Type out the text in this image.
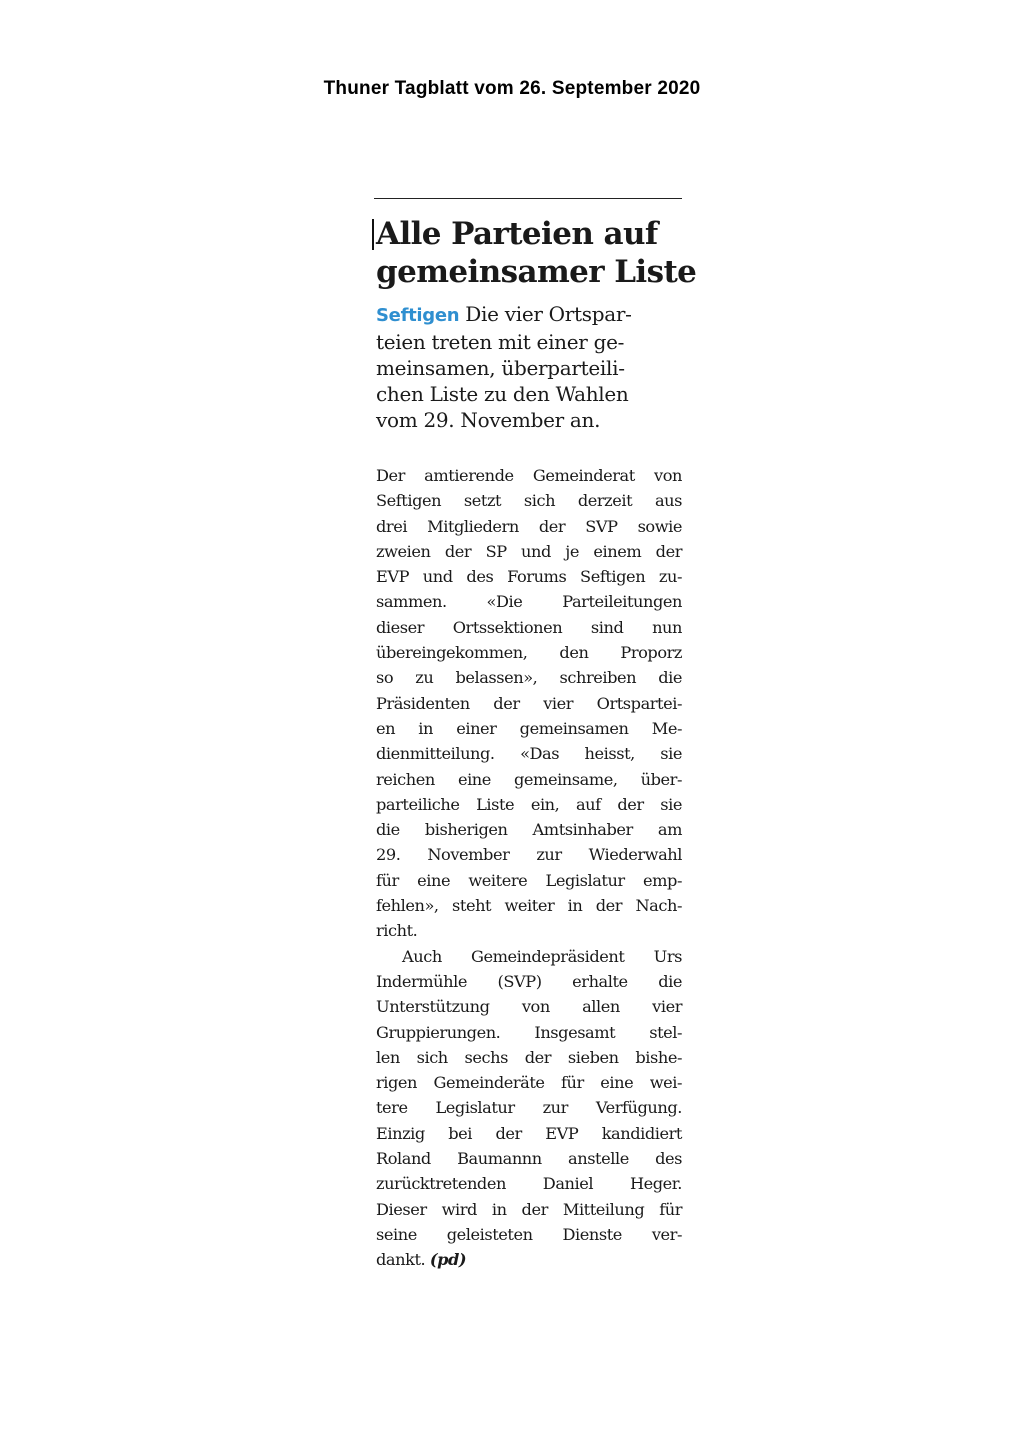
Thuner Tagblatt vom 26. September 2020
Alle Parteien auf
gemeinsamer Liste
Seftigen Die vier Ortspar-
teien treten mit einer ge-
meinsamen, überparteili-
chen Liste zu den Wahlen
vom 29. November an.
Der amtierende Gemeinderat von
Seftigen setzt sich derzeit aus
drei Mitgliedern der SVP sowie
zweien der SP und je einem der
EVP und des Forums Seftigen zu-
sammen. «Die Parteileitungen
dieser Ortssektionen sind nun
übereingekommen, den Proporz
so zu belassen», schreiben die
Präsidenten der vier Ortspartei-
en in einer gemeinsamen Me-
dienmitteilung. «Das heisst, sie
reichen eine gemeinsame, über-
parteiliche Liste ein, auf der sie
die bisherigen Amtsinhaber am
29. November zur Wiederwahl
für eine weitere Legislatur emp-
fehlen», steht weiter in der Nach-
richt.
Auch Gemeindepräsident Urs
Indermühle (SVP) erhalte die
Unterstützung von allen vier
Gruppierungen. Insgesamt stel-
len sich sechs der sieben bishe-
rigen Gemeinderäte für eine wei-
tere Legislatur zur Verfügung.
Einzig bei der EVP kandidiert
Roland Baumannn anstelle des
zurücktretenden Daniel Heger.
Dieser wird in der Mitteilung für
seine geleisteten Dienste ver-
dankt. (pd)
